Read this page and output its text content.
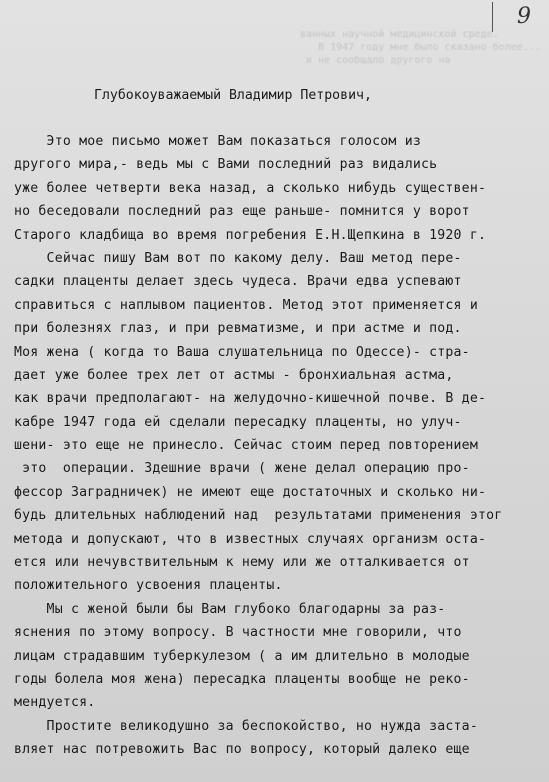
ванных научной медицинской среде.
В 1947 году мне было сказано более...
и не сообщало другого на

9
Глубокоуважаемый Владимир Петрович,
Это мое письмо может Вам показаться голосом из
другого мира,- ведь мы с Вами последний раз видались
уже более четверти века назад, а сколько нибудь существен-
но беседовали последний раз еще раньше- помнится у ворот
Старого кладбища во время погребения Е.Н.Щепкина в 1920 г.
Сейчас пишу Вам вот по какому делу. Ваш метод пере-
садки плаценты делает здесь чудеса. Врачи едва успевают
справиться с наплывом пациентов. Метод этот применяется и
при болезнях глаз, и при ревматизме, и при астме и под.
Моя жена ( когда то Ваша слушательница по Одессе)- стра-
дает уже более трех лет от астмы - бронхиальная астма,
как врачи предполагают- на желудочно-кишечной почве. В де-
кабре 1947 года ей сделали пересадку плаценты, но улуч-
шени- это еще не принесло. Сейчас стоим перед повторением
это  операции. Здешние врачи ( жене делал операцию про-
фессор Заградничек) не имеют еще достаточных и сколько ни-
будь длительных наблюдений над  результатами применения этог
метода и допускают, что в известных случаях организм оста-
ется или нечувствительным к нему или же отталкивается от
положительного усвоения плаценты.
Мы с женой были бы Вам глубоко благодарны за раз-
яснения по этому вопросу. В частности мне говорили, что
лицам страдавшим туберкулезом ( а им длительно в молодые
годы болела моя жена) пересадка плаценты вообще не реко-
мендуется.
Простите великодушно за беспокойство, но нужда заста-
вляет нас потревожить Вас по вопросу, который далеко еще
